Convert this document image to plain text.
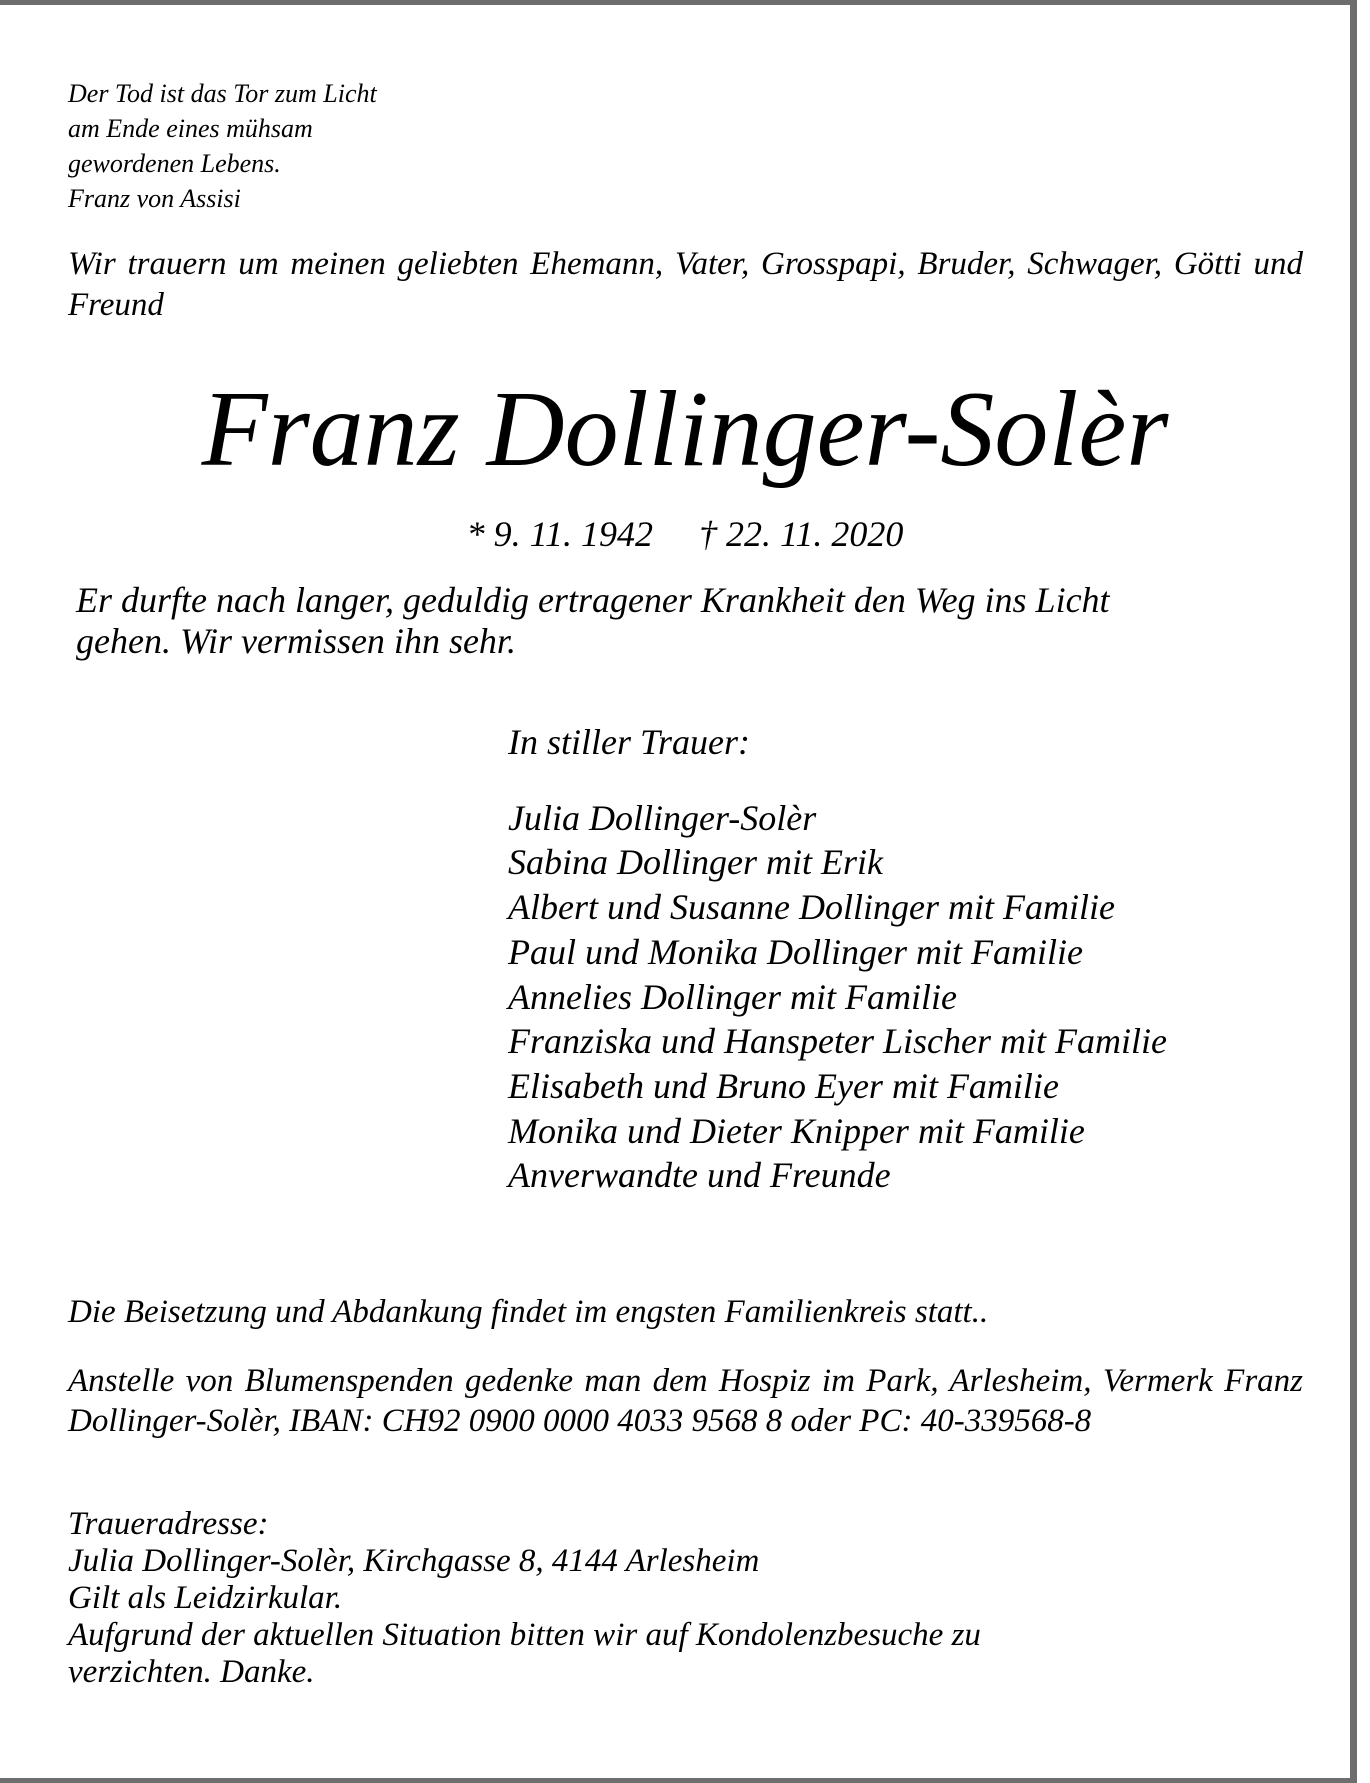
Der Tod ist das Tor zum Licht
am Ende eines mühsam
gewordenen Lebens.
Franz von Assisi
Wir trauern um meinen geliebten Ehemann, Vater, Grosspapi, Bruder, Schwager, Götti und Freund
Franz Dollinger-Solèr
* 9. 11. 1942 † 22. 11. 2020
Er durfte nach langer, geduldig ertragener Krankheit den Weg ins Licht
gehen. Wir vermissen ihn sehr.
In stiller Trauer:
Julia Dollinger-Solèr
Sabina Dollinger mit Erik
Albert und Susanne Dollinger mit Familie
Paul und Monika Dollinger mit Familie
Annelies Dollinger mit Familie
Franziska und Hanspeter Lischer mit Familie
Elisabeth und Bruno Eyer mit Familie
Monika und Dieter Knipper mit Familie
Anverwandte und Freunde
Die Beisetzung und Abdankung findet im engsten Familienkreis statt..
Anstelle von Blumenspenden gedenke man dem Hospiz im Park, Arlesheim, Vermerk Franz Dollinger-Solèr, IBAN: CH92 0900 0000 4033 9568 8 oder PC: 40-339568-8
Traueradresse:
Julia Dollinger-Solèr, Kirchgasse 8, 4144 Arlesheim
Gilt als Leidzirkular.
Aufgrund der aktuellen Situation bitten wir auf Kondolenzbesuche zu
verzichten. Danke.
